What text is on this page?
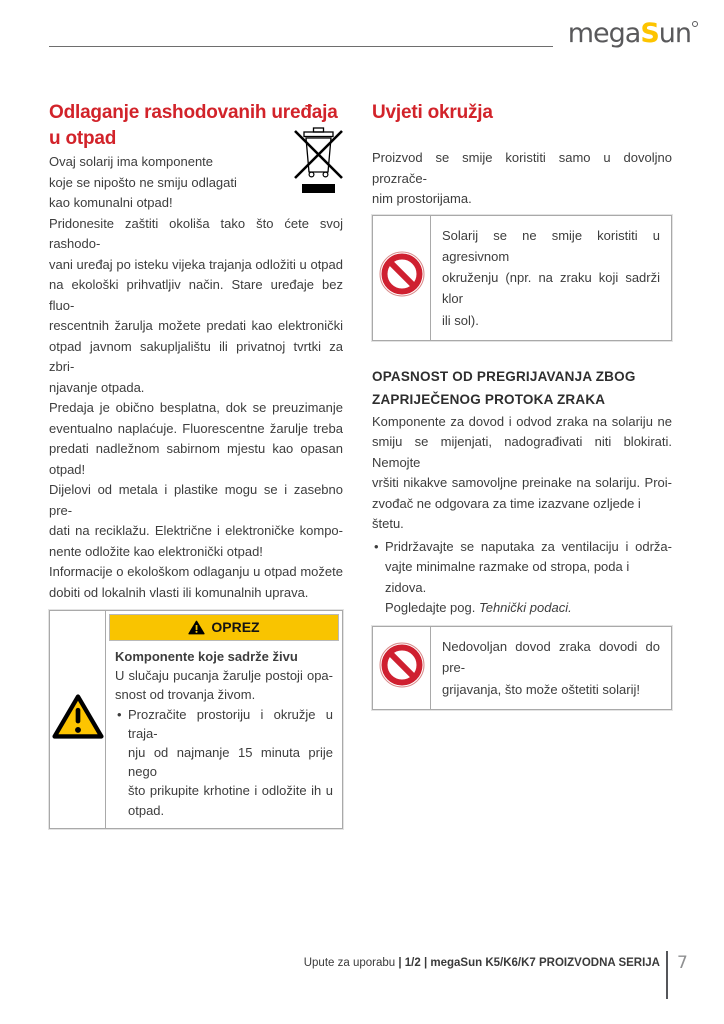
megaSun
Odlaganje rashodovanih uređaja
u otpad
Ovaj solarij ima komponente
koje se nipošto ne smiju odlagati
kao komunalni otpad!
Pridonesite zaštiti okoliša tako što ćete svoj rashodo-
vani uređaj po isteku vijeka trajanja odložiti u otpad
na ekološki prihvatljiv način. Stare uređaje bez fluo-
rescentnih žarulja možete predati kao elektronički
otpad javnom sakupljalištu ili privatnoj tvrtki za zbri-
njavanje otpada.
Predaja je obično besplatna, dok se preuzimanje
eventualno naplaćuje. Fluorescentne žarulje treba
predati nadležnom sabirnom mjestu kao opasan
otpad!
Dijelovi od metala i plastike mogu se i zasebno pre-
dati na reciklažu. Električne i elektroničke kompo-
nente odložite kao elektronički otpad!
Informacije o ekološkom odlaganju u otpad možete
dobiti od lokalnih vlasti ili komunalnih uprava.
OPREZ
Komponente koje sadrže živu
U slučaju pucanja žarulje postoji opa-
snost od trovanja živom.
• Prozračite prostoriju i okružje u traja-
nju od najmanje 15 minuta prije nego
što prikupite krhotine i odložite ih u
otpad.
Uvjeti okružja
Proizvod se smije koristiti samo u dovoljno prozrače-
nim prostorijama.
Solarij se ne smije koristiti u agresivnom
okruženju (npr. na zraku koji sadrži klor
ili sol).
OPASNOST OD PREGRIJAVANJA ZBOG
ZAPRIJEČENOG PROTOKA ZRAKA
Komponente za dovod i odvod zraka na solariju ne
smiju se mijenjati, nadograđivati niti blokirati. Nemojte
vršiti nikakve samovoljne preinake na solariju. Proi-
zvođač ne odgovara za time izazvane ozljede i štetu.
• Pridržavajte se naputaka za ventilaciju i održa-
vajte minimalne razmake od stropa, poda i zidova.
Pogledajte pog. Tehnički podaci.
Nedovoljan dovod zraka dovodi do pre-
grijavanja, što može oštetiti solarij!
Upute za uporabu | 1/2 | megaSun K5/K6/K7 PROIZVODNA SERIJA 7
